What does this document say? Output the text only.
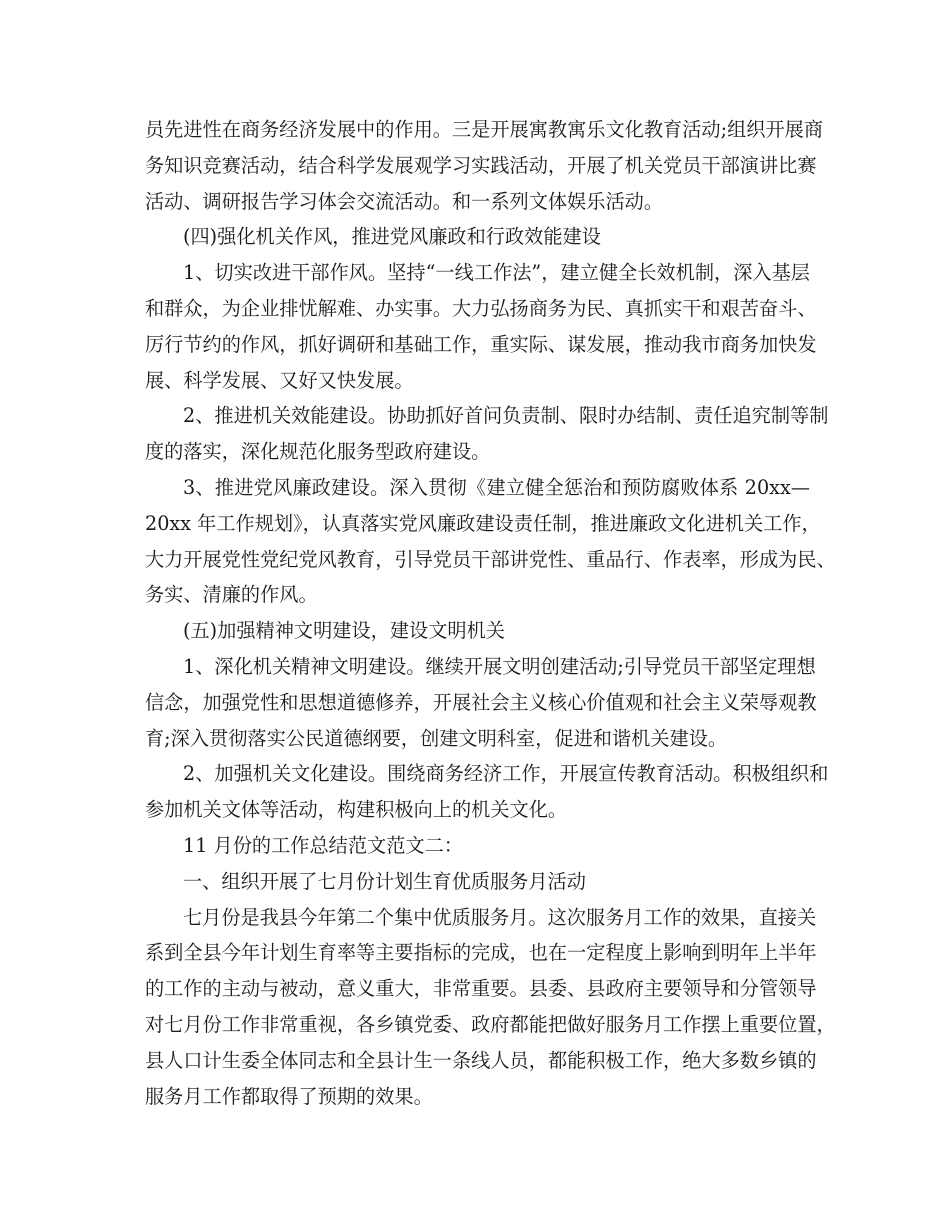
员先进性在商务经济发展中的作用。三是开展寓教寓乐文化教育活动;组织开展商
务知识竞赛活动，结合科学发展观学习实践活动，开展了机关党员干部演讲比赛
活动、调研报告学习体会交流活动。和一系列文体娱乐活动。
(四)强化机关作风，推进党风廉政和行政效能建设
1、切实改进干部作风。坚持“一线工作法”，建立健全长效机制，深入基层
和群众，为企业排忧解难、办实事。大力弘扬商务为民、真抓实干和艰苦奋斗、
厉行节约的作风，抓好调研和基础工作，重实际、谋发展，推动我市商务加快发
展、科学发展、又好又快发展。
2、推进机关效能建设。协助抓好首问负责制、限时办结制、责任追究制等制
度的落实，深化规范化服务型政府建设。
3、推进党风廉政建设。深入贯彻《建立健全惩治和预防腐败体系 20xx—
20xx 年工作规划》，认真落实党风廉政建设责任制，推进廉政文化进机关工作，
大力开展党性党纪党风教育，引导党员干部讲党性、重品行、作表率，形成为民、
务实、清廉的作风。
(五)加强精神文明建设，建设文明机关
1、深化机关精神文明建设。继续开展文明创建活动;引导党员干部坚定理想
信念，加强党性和思想道德修养，开展社会主义核心价值观和社会主义荣辱观教
育;深入贯彻落实公民道德纲要，创建文明科室，促进和谐机关建设。
2、加强机关文化建设。围绕商务经济工作，开展宣传教育活动。积极组织和
参加机关文体等活动，构建积极向上的机关文化。
11 月份的工作总结范文范文二：
一、组织开展了七月份计划生育优质服务月活动
七月份是我县今年第二个集中优质服务月。这次服务月工作的效果，直接关
系到全县今年计划生育率等主要指标的完成，也在一定程度上影响到明年上半年
的工作的主动与被动，意义重大，非常重要。县委、县政府主要领导和分管领导
对七月份工作非常重视，各乡镇党委、政府都能把做好服务月工作摆上重要位置，
县人口计生委全体同志和全县计生一条线人员，都能积极工作，绝大多数乡镇的
服务月工作都取得了预期的效果。
